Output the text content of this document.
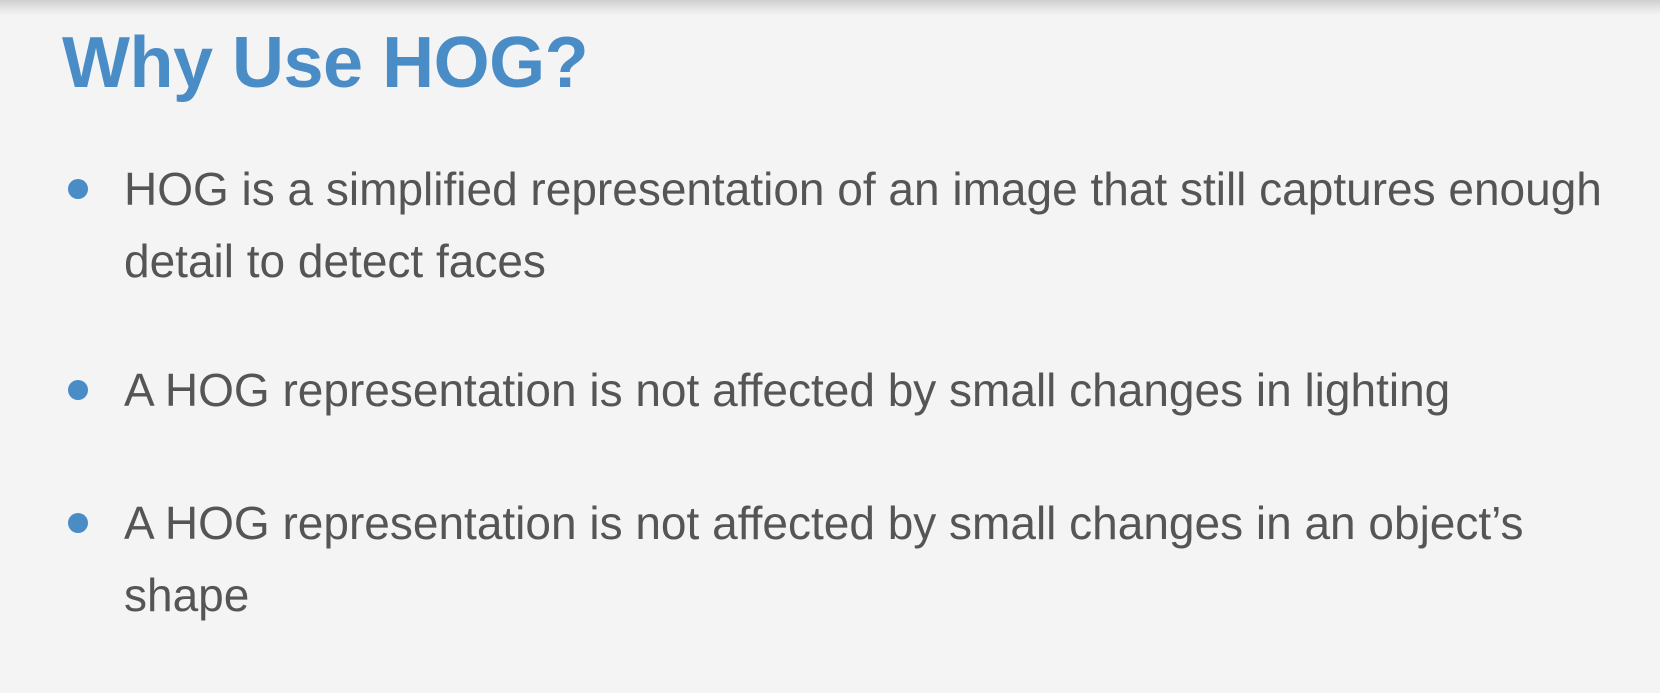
Why Use HOG?
HOG is a simplified representation of an image that still captures enough detail to detect faces
A HOG representation is not affected by small changes in lighting
A HOG representation is not affected by small changes in an object’s shape
